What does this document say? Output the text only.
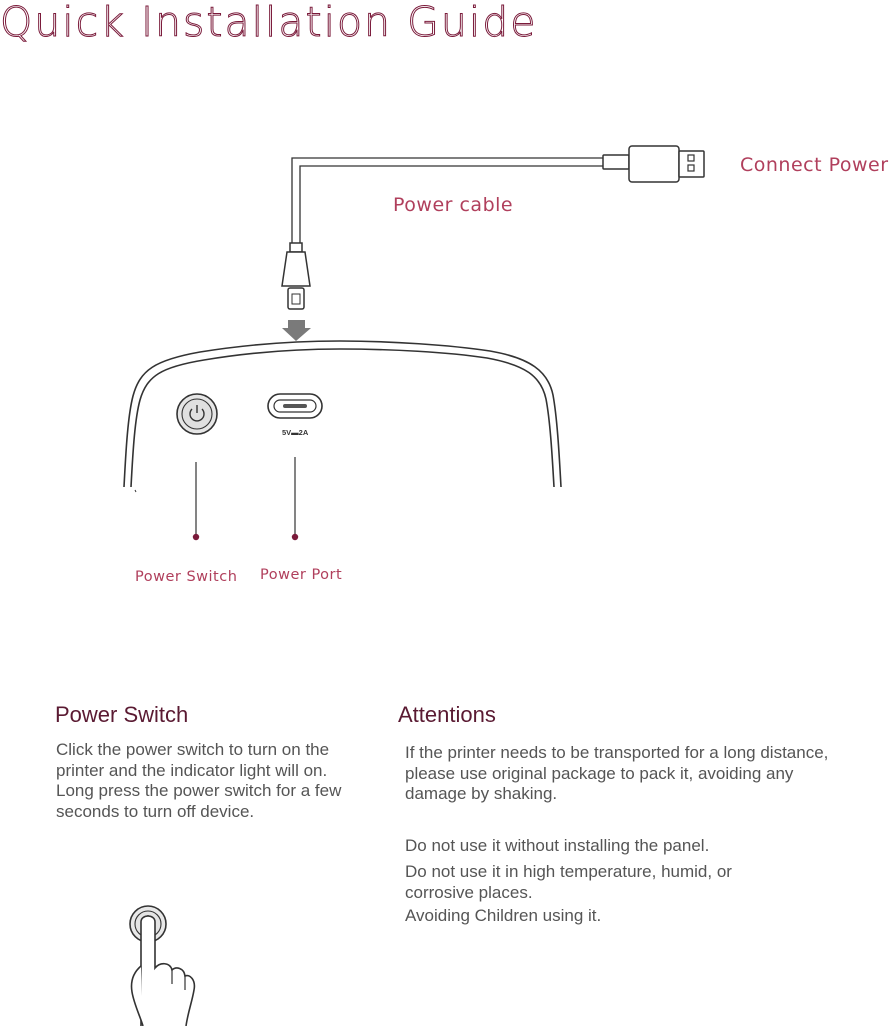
Quick Installation Guide
5V▬2A
Connect Power
Power cable
Power Switch Power Port
Power Switch

Click the power switch to turn on the printer and the indicator light will on.

Long press the power switch for a few seconds to turn off device.

Attentions
If the printer needs to be transported for a long distance, please use original package to pack it, avoiding any damage by shaking.
Do not use it without installing the panel.
Do not use it in high temperature, humid, or corrosive places.
Avoiding Children using it.
